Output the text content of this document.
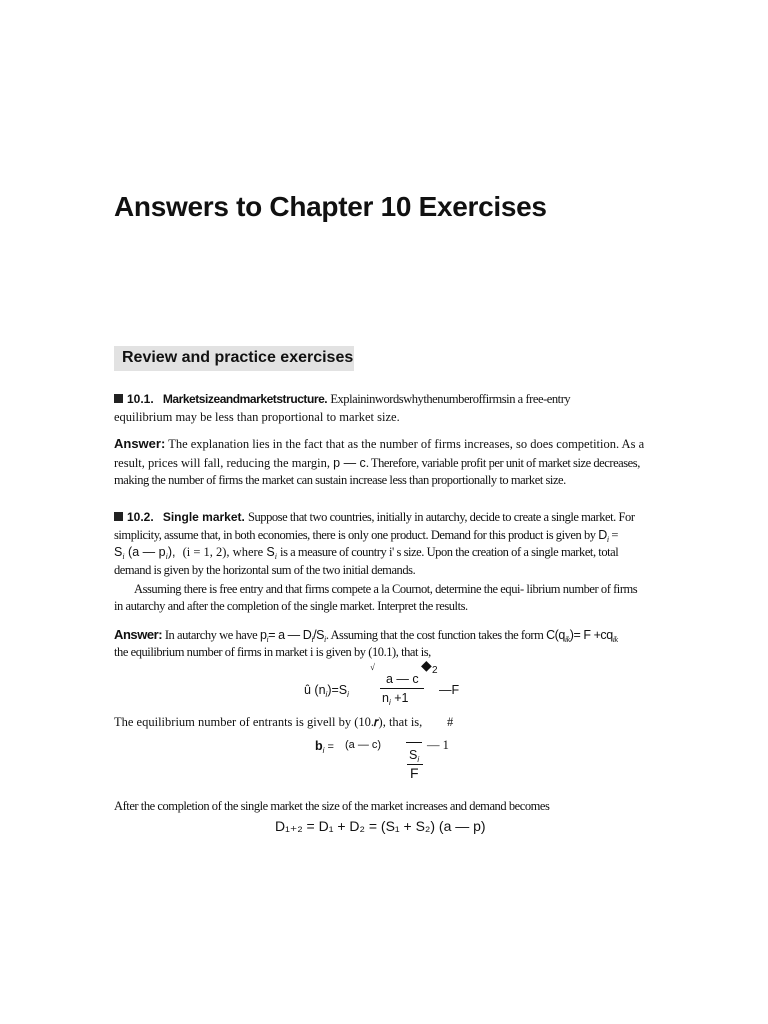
Answers to Chapter 10 Exercises
Review and practice exercises
10.1. Marketsizeandmarketstructure. Explaininwordswhythenumberoffirmsin a free-entry
equilibrium may be less than proportional to market size.
Answer: The explanation lies in the fact that as the number of firms increases, so does competition. As a
result, prices will fall, reducing the margin, p — c. Therefore, variable profit per unit of market size decreases,
making the number of firms the market can sustain increase less than proportionally to market size.
10.2. Single market. Suppose that two countries, initially in autarchy, decide to create a single market. For
simplicity, assume that, in both economies, there is only one product. Demand for this product is given by $D_i$ =
$S_i$ (a — $p_i$), (i = 1, 2), where $S_i$ is a measure of country i' s size. Upon the creation of a single market, total
demand is given by the horizontal sum of the two initial demands.
Assuming there is free entry and that firms compete a la Cournot, determine the equi- librium number of firms
in autarchy and after the completion of the single market. Interpret the results.
Answer: In autarchy we have $p_i= a$ — $D_i/S_i$. Assuming that the cost function takes the form $C(q_{ik})= F +cq_{ik}$
the equilibrium number of firms in market i is given by (10.1), that is,
√	◆ 2
û $(n_i)=S_i$
a — c
$n_i +1$
—F
The equilibrium number of entrants is givell by (10.𝑟), that is, #
$b_i = (a$ — c)	— 1
$S_i$
F
After the completion of the single market the size of the market increases and demand becomes
D₁₊₂ = D₁ + D₂ = (S₁ + S₂) (a — p)
